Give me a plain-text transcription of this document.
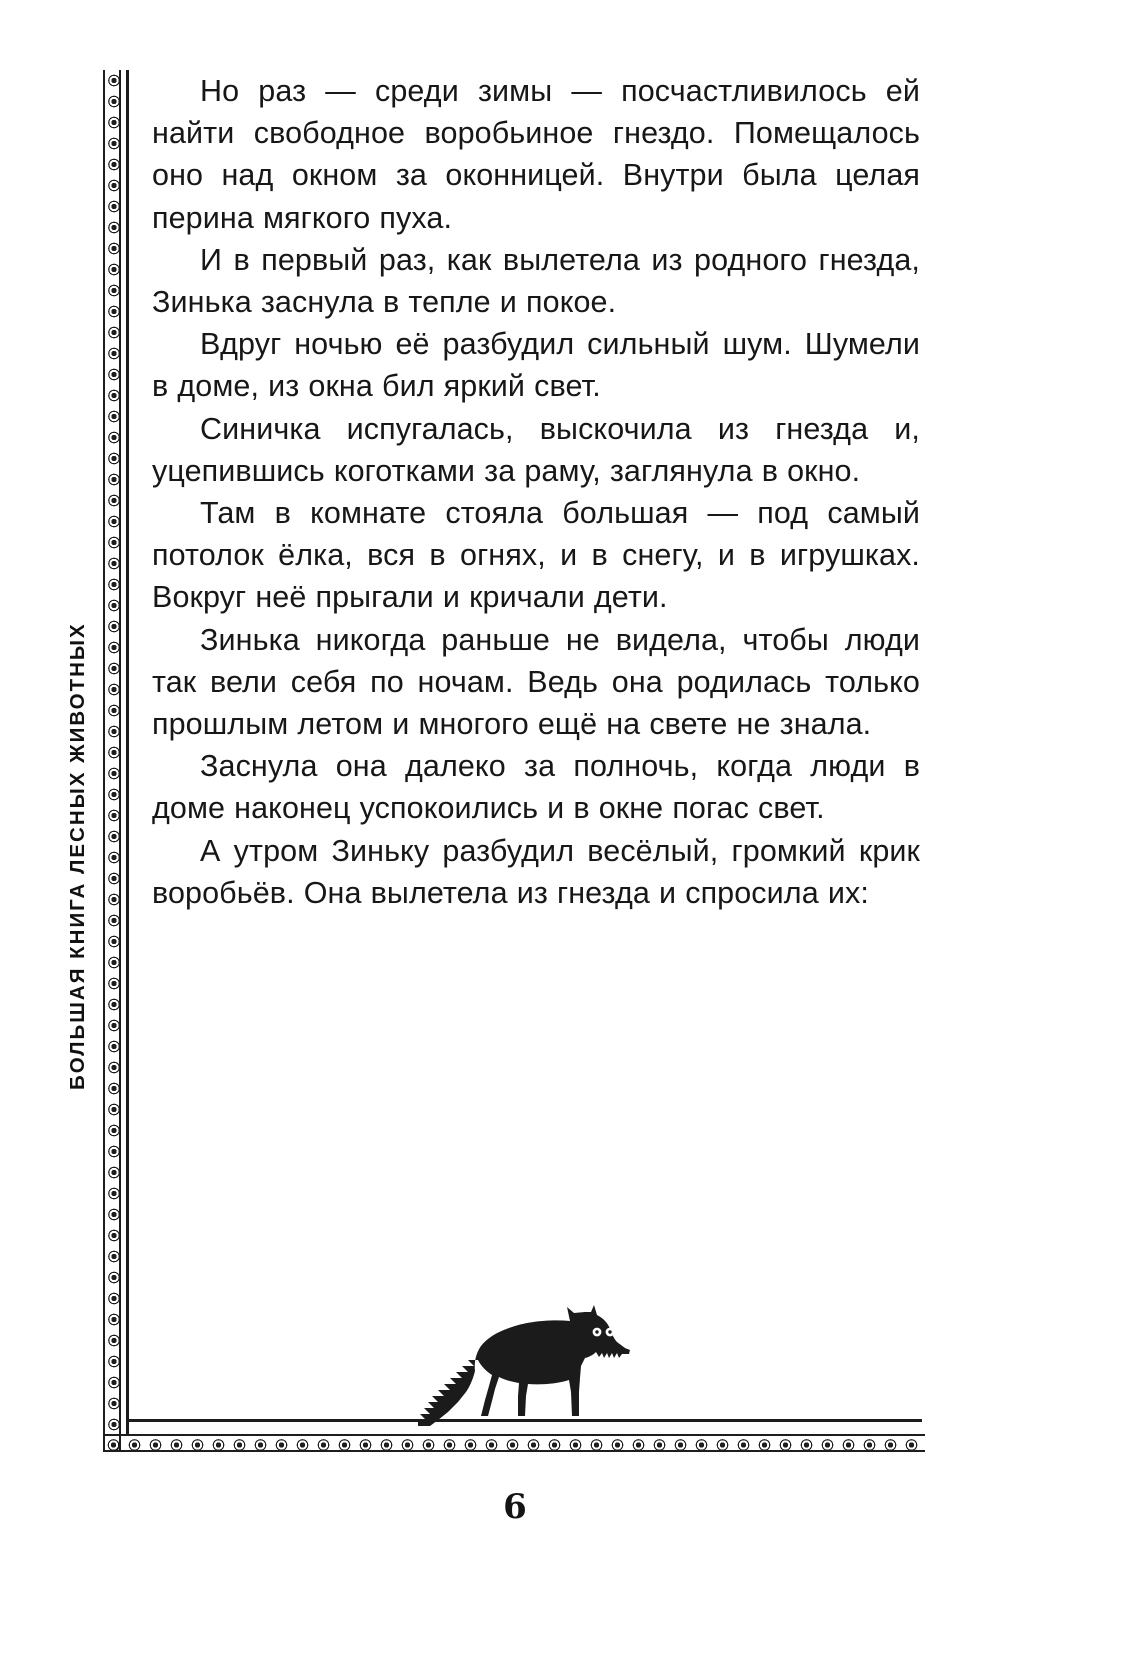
БОЛЬШАЯ КНИГА ЛЕСНЫХ ЖИВОТНЫХ

Но раз — среди зимы — посчастливилось ей найти свободное воробьиное гнездо. Помещалось оно над окном за оконницей. Внутри была целая перина мягкого пуха.

И в первый раз, как вылетела из родного гнезда, Зинька заснула в тепле и покое.

Вдруг ночью её разбудил сильный шум. Шумели в доме, из окна бил яркий свет.

Синичка испугалась, выскочила из гнезда и, уцепившись коготками за раму, заглянула в окно.

Там в комнате стояла большая — под самый потолок ёлка, вся в огнях, и в снегу, и в игрушках. Вокруг неё прыгали и кричали дети.

Зинька никогда раньше не видела, чтобы люди так вели себя по ночам. Ведь она родилась только прошлым летом и многого ещё на свете не знала.

Заснула она далеко за полночь, когда люди в доме наконец успокоились и в окне погас свет.

А утром Зиньку разбудил весёлый, громкий крик воробьёв. Она вылетела из гнезда и спросила их:

6
